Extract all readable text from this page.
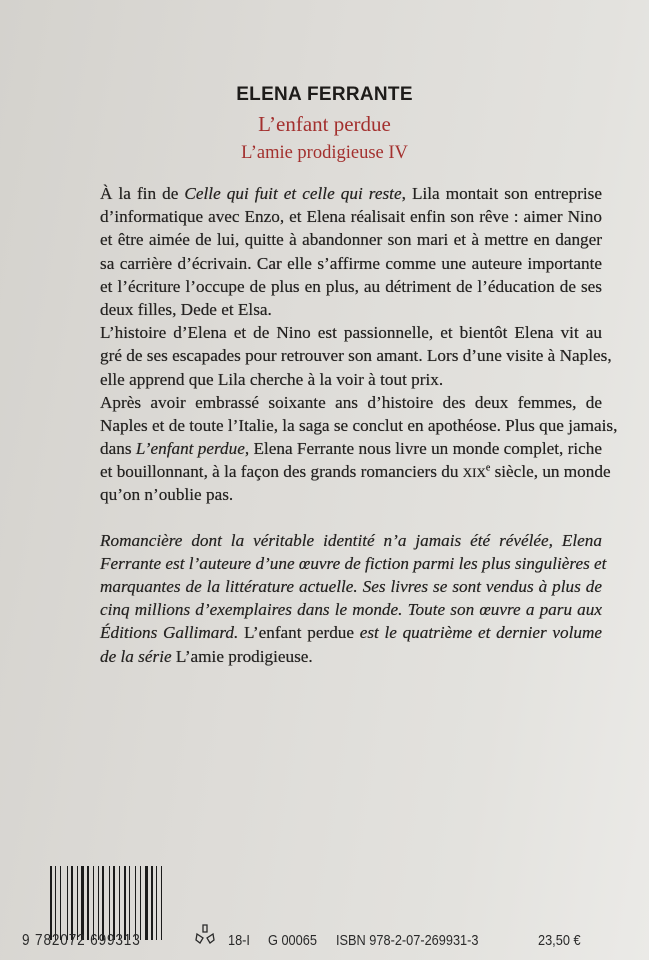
ELENA FERRANTE
L’enfant perdue
L’amie prodigieuse IV
À la fin de Celle qui fuit et celle qui reste, Lila montait son entreprise
d’informatique avec Enzo, et Elena réalisait enfin son rêve : aimer Nino
et être aimée de lui, quitte à abandonner son mari et à mettre en danger
sa carrière d’écrivain. Car elle s’affirme comme une auteure importante
et l’écriture l’occupe de plus en plus, au détriment de l’éducation de ses
deux filles, Dede et Elsa.
L’histoire d’Elena et de Nino est passionnelle, et bientôt Elena vit au
gré de ses escapades pour retrouver son amant. Lors d’une visite à Naples,
elle apprend que Lila cherche à la voir à tout prix.
Après avoir embrassé soixante ans d’histoire des deux femmes, de
Naples et de toute l’Italie, la saga se conclut en apothéose. Plus que jamais,
dans L’enfant perdue, Elena Ferrante nous livre un monde complet, riche
et bouillonnant, à la façon des grands romanciers du XIXe siècle, un monde
qu’on n’oublie pas.
Romancière dont la véritable identité n’a jamais été révélée, Elena
Ferrante est l’auteure d’une œuvre de fiction parmi les plus singulières et
marquantes de la littérature actuelle. Ses livres se sont vendus à plus de
cinq millions d’exemplaires dans le monde. Toute son œuvre a paru aux
Éditions Gallimard. L’enfant perdue est le quatrième et dernier volume
de la série L’amie prodigieuse.
9 782072 699313	18-I G 00065 ISBN 978-2-07-269931-3	23,50 €
